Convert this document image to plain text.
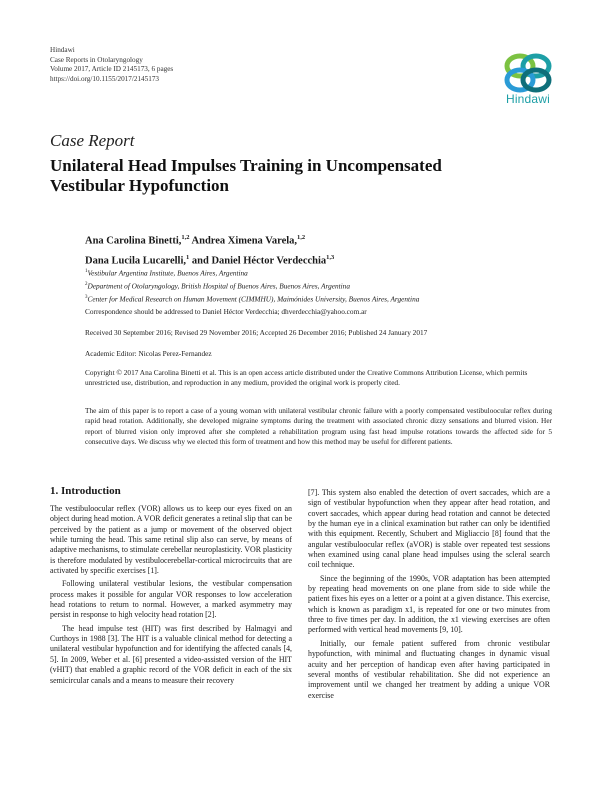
Hindawi
Case Reports in Otolaryngology
Volume 2017, Article ID 2145173, 6 pages
https://doi.org/10.1155/2017/2145173
Hindawi
Case Report
Unilateral Head Impulses Training in Uncompensated Vestibular Hypofunction
Ana Carolina Binetti,$^{1,2}$ Andrea Ximena Varela,$^{1,2}$
Dana Lucila Lucarelli,$^1$ and Daniel Héctor Verdecchia$^{1,3}$
$^1$Vestibular Argentina Institute, Buenos Aires, Argentina
$^2$Department of Otolaryngology, British Hospital of Buenos Aires, Buenos Aires, Argentina
$^3$Center for Medical Research on Human Movement (CIMMHU), Maimónides University, Buenos Aires, Argentina
Correspondence should be addressed to Daniel Héctor Verdecchia; dhverdecchia@yahoo.com.ar
Received 30 September 2016; Revised 29 November 2016; Accepted 26 December 2016; Published 24 January 2017
Academic Editor: Nicolas Perez-Fernandez
Copyright © 2017 Ana Carolina Binetti et al. This is an open access article distributed under the Creative Commons Attribution License, which permits unrestricted use, distribution, and reproduction in any medium, provided the original work is properly cited.
The aim of this paper is to report a case of a young woman with unilateral vestibular chronic failure with a poorly compensated vestibuloocular reflex during rapid head rotation. Additionally, she developed migraine symptoms during the treatment with associated chronic dizzy sensations and blurred vision. Her report of blurred vision only improved after she completed a rehabilitation program using fast head impulse rotations towards the affected side for 5 consecutive days. We discuss why we elected this form of treatment and how this method may be useful for different patients.
1. Introduction

The vestibuloocular reflex (VOR) allows us to keep our eyes fixed on an object during head motion. A VOR deficit generates a retinal slip that can be perceived by the patient as a jump or movement of the observed object while turning the head. This same retinal slip also can serve, by means of adaptive mechanisms, to stimulate cerebellar neuroplasticity. VOR plasticity is therefore modulated by vestibulocerebellar-cortical microcircuits that are activated by specific exercises [1].

Following unilateral vestibular lesions, the vestibular compensation process makes it possible for angular VOR responses to low acceleration head rotations to return to normal. However, a marked asymmetry may persist in response to high velocity head rotation [2].

The head impulse test (HIT) was first described by Halmagyi and Curthoys in 1988 [3]. The HIT is a valuable clinical method for detecting a unilateral vestibular hypofunction and for identifying the affected canals [4, 5]. In 2009, Weber et al. [6] presented a video-assisted version of the HIT (vHIT) that enabled a graphic record of the VOR deficit in each of the six semicircular canals and a means to measure their recovery

[7]. This system also enabled the detection of overt saccades, which are a sign of vestibular hypofunction when they appear after head rotation, and covert saccades, which appear during head rotation and cannot be detected by the human eye in a clinical examination but rather can only be identified with this equipment. Recently, Schubert and Migliaccio [8] found that the angular vestibuloocular reflex (aVOR) is stable over repeated test sessions when examined using canal plane head impulses using the scleral search coil technique.

Since the beginning of the 1990s, VOR adaptation has been attempted by repeating head movements on one plane from side to side while the patient fixes his eyes on a letter or a point at a given distance. This exercise, which is known as paradigm x1, is repeated for one or two minutes from three to five times per day. In addition, the x1 viewing exercises are often performed with vertical head movements [9, 10].

Initially, our female patient suffered from chronic vestibular hypofunction, with minimal and fluctuating changes in dynamic visual acuity and her perception of handicap even after having participated in several months of vestibular rehabilitation. She did not experience an improvement until we changed her treatment by adding a unique VOR exercise
